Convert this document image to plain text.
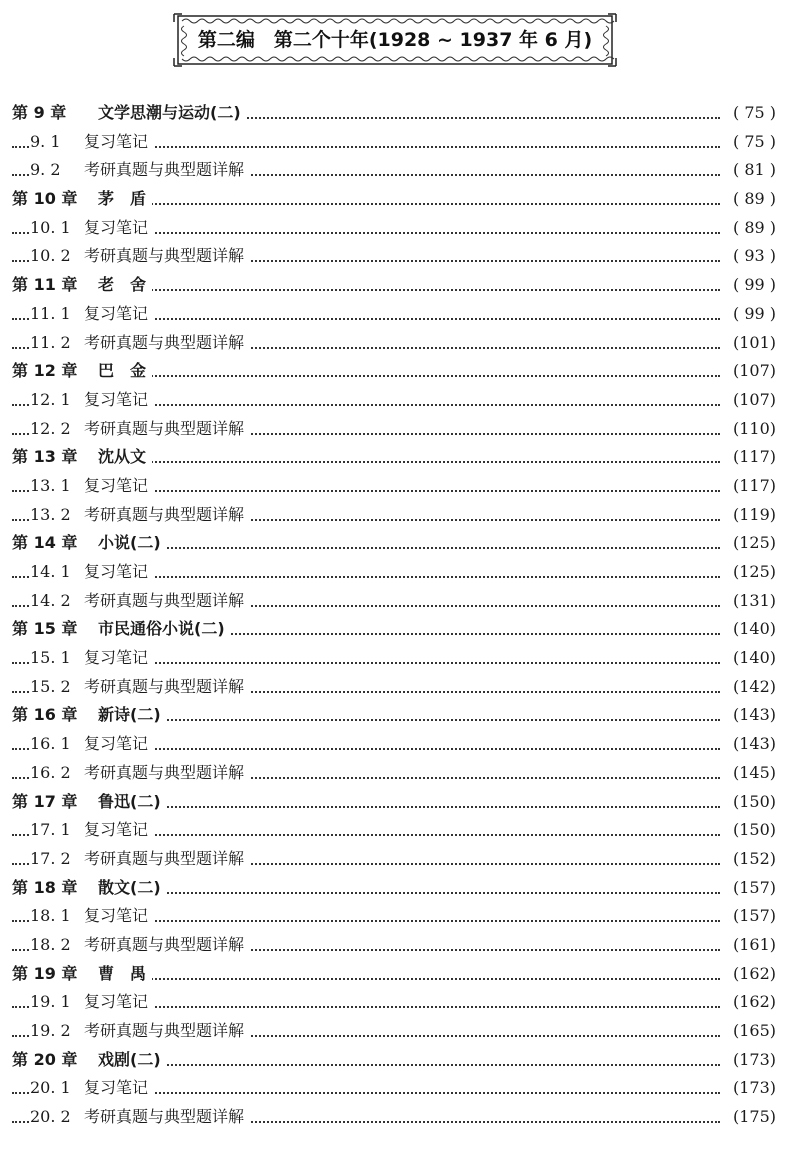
第二编　第二个十年(1928 ~ 1937 年 6 月)
第 9 章 文学思潮与运动(二)	( 75 )
9. 1 复习笔记	( 75 )
9. 2 考研真题与典型题详解	( 81 )
第 10 章 茅　盾	( 89 )
10. 1 复习笔记	( 89 )
10. 2 考研真题与典型题详解	( 93 )
第 11 章 老　舍	( 99 )
11. 1 复习笔记	( 99 )
11. 2 考研真题与典型题详解	(101)
第 12 章 巴　金	(107)
12. 1 复习笔记	(107)
12. 2 考研真题与典型题详解	(110)
第 13 章 沈从文	(117)
13. 1 复习笔记	(117)
13. 2 考研真题与典型题详解	(119)
第 14 章 小说(二)	(125)
14. 1 复习笔记	(125)
14. 2 考研真题与典型题详解	(131)
第 15 章 市民通俗小说(二)	(140)
15. 1 复习笔记	(140)
15. 2 考研真题与典型题详解	(142)
第 16 章 新诗(二)	(143)
16. 1 复习笔记	(143)
16. 2 考研真题与典型题详解	(145)
第 17 章 鲁迅(二)	(150)
17. 1 复习笔记	(150)
17. 2 考研真题与典型题详解	(152)
第 18 章 散文(二)	(157)
18. 1 复习笔记	(157)
18. 2 考研真题与典型题详解	(161)
第 19 章 曹　禺	(162)
19. 1 复习笔记	(162)
19. 2 考研真题与典型题详解	(165)
第 20 章 戏剧(二)	(173)
20. 1 复习笔记	(173)
20. 2 考研真题与典型题详解	(175)
